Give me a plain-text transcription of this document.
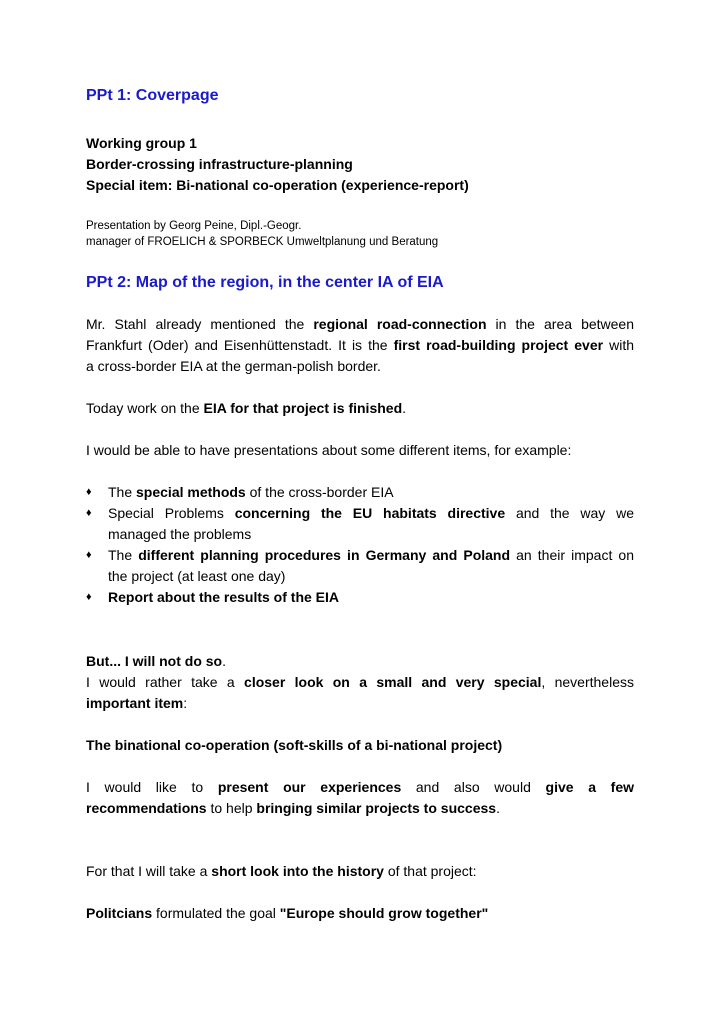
PPt 1: Coverpage
Working group 1
Border-crossing infrastructure-planning
Special item: Bi-national co-operation (experience-report)
Presentation by Georg Peine, Dipl.-Geogr.
manager of FROELICH & SPORBECK Umweltplanung und Beratung
PPt 2: Map of the region, in the center IA of EIA
Mr. Stahl already mentioned the regional road-connection in the area between
Frankfurt (Oder) and Eisenhüttenstadt. It is the first road-building project ever with
a cross-border EIA at the german-polish border.
Today work on the EIA for that project is finished.
I would be able to have presentations about some different items, for example:
♦ The special methods of the cross-border EIA
♦ Special Problems concerning the EU habitats directive and the way we
managed the problems
♦ The different planning procedures in Germany and Poland an their impact on
the project (at least one day)
♦ Report about the results of the EIA
But... I will not do so.
I would rather take a closer look on a small and very special, nevertheless
important item:
The binational co-operation (soft-skills of a bi-national project)
I would like to present our experiences and also would give a few
recommendations to help bringing similar projects to success.
For that I will take a short look into the history of that project:
Politcians formulated the goal "Europe should grow together"
